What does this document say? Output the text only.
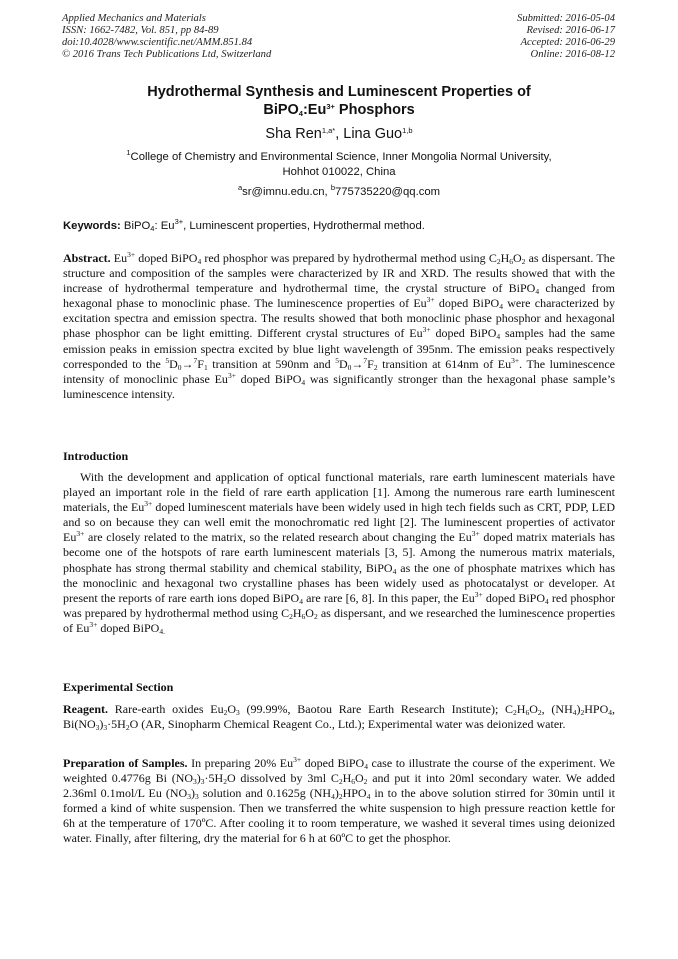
Applied Mechanics and Materials
ISSN: 1662-7482, Vol. 851, pp 84-89
doi:10.4028/www.scientific.net/AMM.851.84
© 2016 Trans Tech Publications Ltd, Switzerland
Submitted: 2016-05-04
Revised: 2016-06-17
Accepted: 2016-06-29
Online: 2016-08-12
Hydrothermal Synthesis and Luminescent Properties of
$BiPO_4:Eu^{3+}$ Phosphors
Sha Ren$^{1,a*}$, Lina Guo$^{1,b}$
$^1$College of Chemistry and Environmental Science, Inner Mongolia Normal University,
Hohhot 010022, China
$^a$sr@imnu.edu.cn, $^b$775735220@qq.com
Keywords: BiPO$_4$: $Eu^{3+}$, Luminescent properties, Hydrothermal method.

Abstract. $Eu^{3+}$ doped BiPO$_4$ red phosphor was prepared by hydrothermal method using $C_2H_6O_2$ as dispersant. The structure and composition of the samples were characterized by IR and XRD. The results showed that with the increase of hydrothermal temperature and hydrothermal time, the crystal structure of BiPO$_4$ changed from hexagonal phase to monoclinic phase. The luminescence properties of $Eu^{3+}$ doped BiPO$_4$ were characterized by excitation spectra and emission spectra. The results showed that both monoclinic phase phosphor and hexagonal phase phosphor can be light emitting. Different crystal structures of $Eu^{3+}$ doped BiPO$_4$ samples had the same emission peaks in emission spectra excited by blue light wavelength of 395nm. The emission peaks respectively corresponded to the $^5D_0\to^7F_1$ transition at 590nm and $^5D_0\to^7F_2$ transition at 614nm of $Eu^{3+}$. The luminescence intensity of monoclinic phase $Eu^{3+}$ doped BiPO$_4$ was significantly stronger than the hexagonal phase sample’s luminescence intensity.

Introduction

With the development and application of optical functional materials, rare earth luminescent materials have played an important role in the field of rare earth application [1]. Among the numerous rare earth luminescent materials, the $Eu^{3+}$ doped luminescent materials have been widely used in high tech fields such as CRT, PDP, LED and so on because they can well emit the monochromatic red light [2]. The luminescent properties of activator $Eu^{3+}$ are closely related to the matrix, so the related research about changing the $Eu^{3+}$ doped matrix materials has become one of the hotspots of rare earth luminescent materials [3, 5]. Among the numerous matrix materials, phosphate has strong thermal stability and chemical stability, BiPO$_4$ as the one of phosphate matrixes which has the monoclinic and hexagonal two crystalline phases has been widely used as photocatalyst or developer. At present the reports of rare earth ions doped BiPO$_4$ are rare [6, 8]. In this paper, the $Eu^{3+}$ doped BiPO$_4$ red phosphor was prepared by hydrothermal method using $C_2H_6O_2$ as dispersant, and we researched the luminescence properties of $Eu^{3+}$ doped BiPO$_{4.}$

Experimental Section

Reagent. Rare-earth oxides $Eu_2O_3$ (99.99%, Baotou Rare Earth Research Institute); $C_2H_6O_2$, $(NH_4)_2HPO_4$, $Bi(NO_3)_3\cdot 5H_2O$ (AR, Sinopharm Chemical Reagent Co., Ltd.); Experimental water was deionized water.

Preparation of Samples. In preparing 20% $Eu^{3+}$ doped BiPO$_4$ case to illustrate the course of the experiment. We weighted 0.4776g Bi $(NO_3)_3\cdot 5H_2O$ dissolved by 3ml $C_2H_6O_2$ and put it into 20ml secondary water. We added 2.36ml 0.1mol/L Eu $(NO_3)_3$ solution and 0.1625g $(NH_4)_2HPO_4$ in to the above solution stirred for 30min until it formed a kind of white suspension. Then we transferred the white suspension to high pressure reaction kettle for 6h at the temperature of 170ºC. After cooling it to room temperature, we washed it several times using deionized water. Finally, after filtering, dry the material for 6 h at 60ºC to get the phosphor.
